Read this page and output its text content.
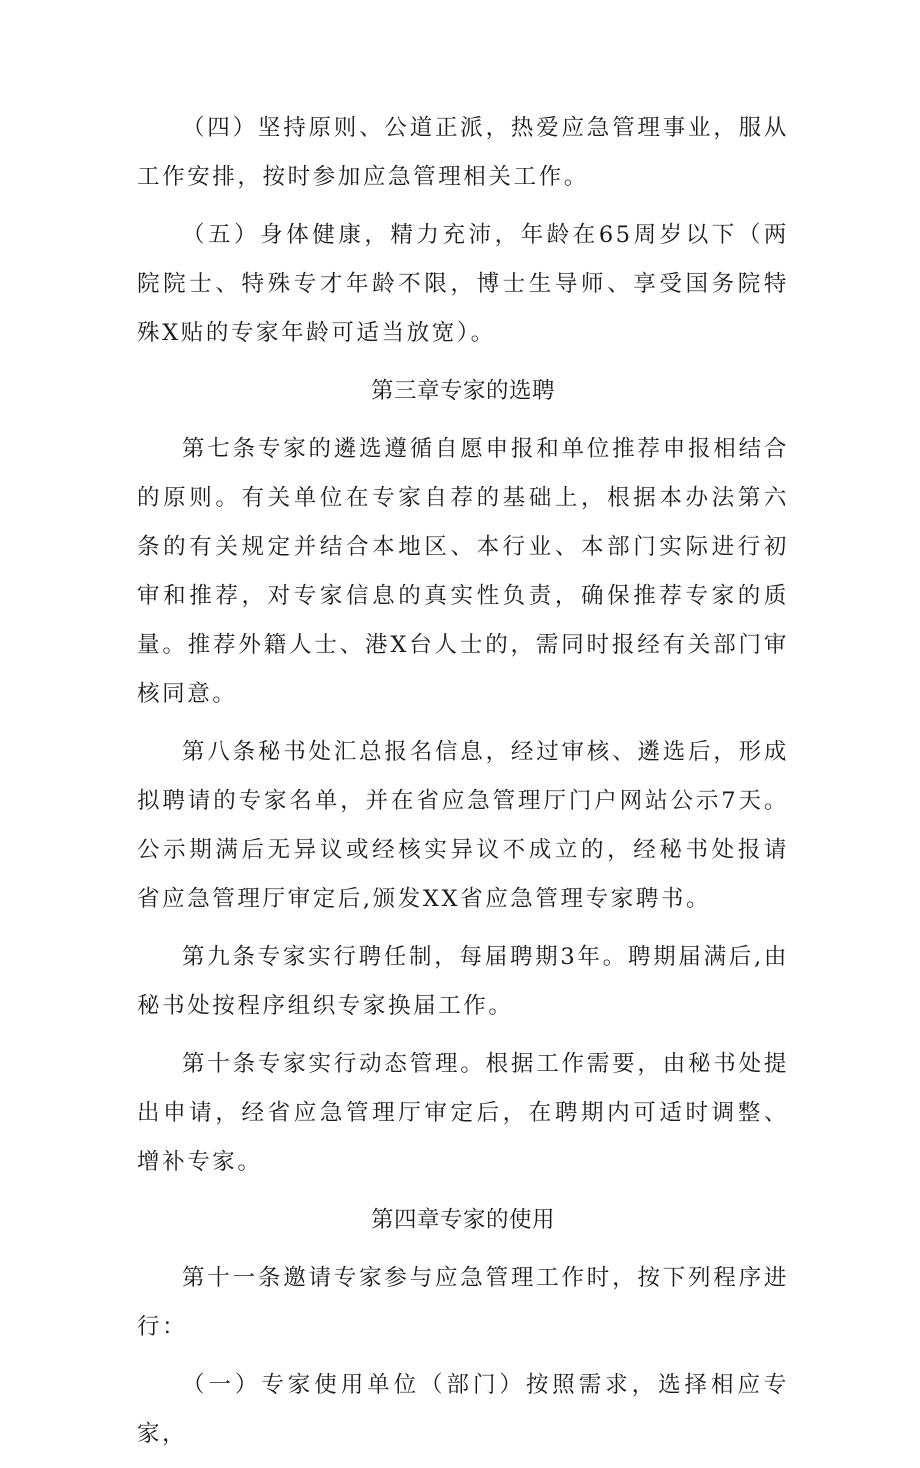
（四）坚持原则、公道正派，热爱应急管理事业，服从工作安排，按时参加应急管理相关工作。

（五）身体健康，精力充沛，年龄在65周岁以下（两院院士、特殊专才年龄不限，博士生导师、享受国务院特殊X贴的专家年龄可适当放宽）。

第三章专家的选聘

第七条专家的遴选遵循自愿申报和单位推荐申报相结合的原则。有关单位在专家自荐的基础上，根据本办法第六条的有关规定并结合本地区、本行业、本部门实际进行初审和推荐，对专家信息的真实性负责，确保推荐专家的质量。推荐外籍人士、港X台人士的，需同时报经有关部门审核同意。

第八条秘书处汇总报名信息，经过审核、遴选后，形成拟聘请的专家名单，并在省应急管理厅门户网站公示7天。公示期满后无异议或经核实异议不成立的，经秘书处报请省应急管理厅审定后,颁发XX省应急管理专家聘书。

第九条专家实行聘任制，每届聘期3年。聘期届满后,由秘书处按程序组织专家换届工作。

第十条专家实行动态管理。根据工作需要，由秘书处提出申请，经省应急管理厅审定后，在聘期内可适时调整、增补专家。

第四章专家的使用

第十一条邀请专家参与应急管理工作时，按下列程序进行：

（一）专家使用单位（部门）按照需求，选择相应专家，
